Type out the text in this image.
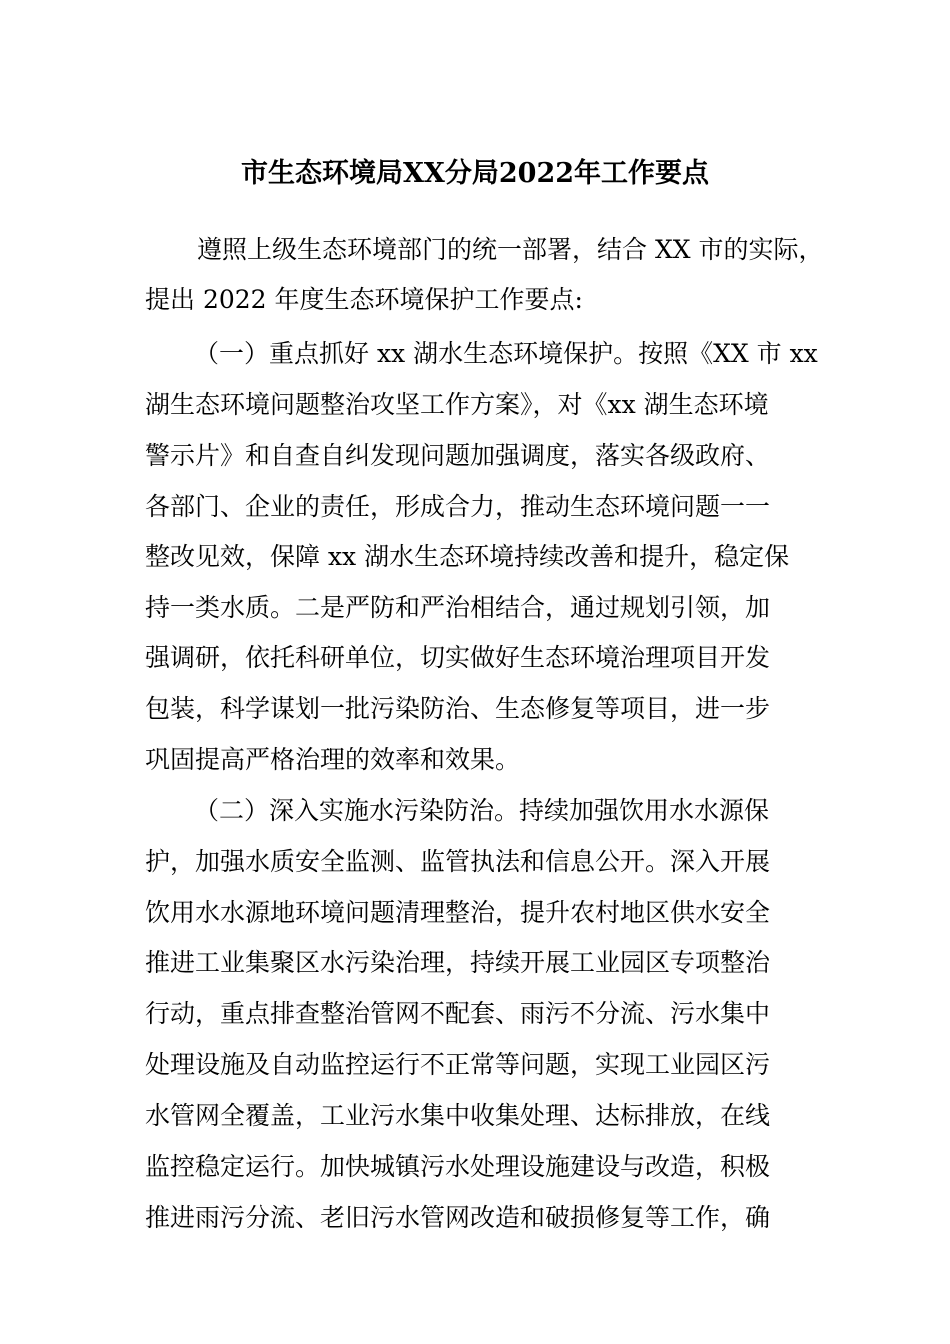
市生态环境局XX分局2022年工作要点
遵照上级生态环境部门的统一部署，结合 XX 市的实际，
提出 2022 年度生态环境保护工作要点:
（一）重点抓好 xx 湖水生态环境保护。按照《XX 市 xx
湖生态环境问题整治攻坚工作方案》，对《xx 湖生态环境
警示片》和自查自纠发现问题加强调度，落实各级政府、
各部门、企业的责任，形成合力，推动生态环境问题一一
整改见效，保障 xx 湖水生态环境持续改善和提升，稳定保
持一类水质。二是严防和严治相结合，通过规划引领，加
强调研，依托科研单位，切实做好生态环境治理项目开发
包装，科学谋划一批污染防治、生态修复等项目，进一步
巩固提高严格治理的效率和效果。
（二）深入实施水污染防治。持续加强饮用水水源保
护，加强水质安全监测、监管执法和信息公开。深入开展
饮用水水源地环境问题清理整治，提升农村地区供水安全
推进工业集聚区水污染治理，持续开展工业园区专项整治
行动，重点排查整治管网不配套、雨污不分流、污水集中
处理设施及自动监控运行不正常等问题，实现工业园区污
水管网全覆盖，工业污水集中收集处理、达标排放，在线
监控稳定运行。加快城镇污水处理设施建设与改造，积极
推进雨污分流、老旧污水管网改造和破损修复等工作，确
